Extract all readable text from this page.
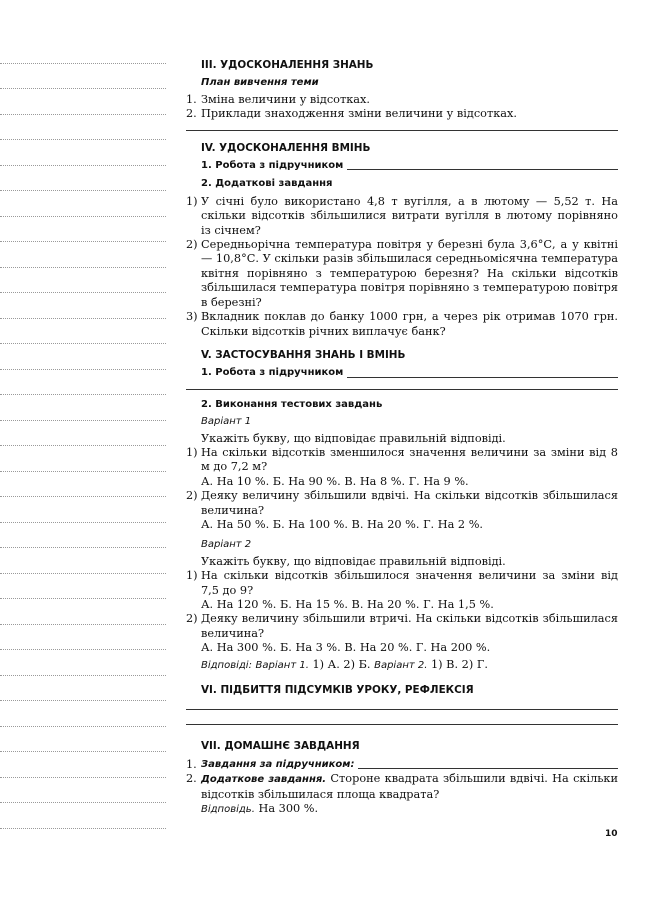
III. УДОСКОНАЛЕННЯ ЗНАНЬ
План вивчення теми
1. Зміна величини у відсотках.
2. Приклади знаходження зміни величини у відсотках.
IV. УДОСКОНАЛЕННЯ ВМІНЬ
1. Робота з підручником
2. Додаткові завдання
1) У січні було використано 4,8 т вугілля, а в лютому — 5,52 т. На скільки відсотків збільшилися витрати вугілля в лютому порівняно із січнем?
2) Середньорічна температура повітря у березні була 3,6°С, а у квітні — 10,8°С. У скільки разів збільшилася середньомісячна температура квітня порівняно з температурою березня? На скільки відсотків збільшилася температура повітря порівняно з температурою повітря в березні?
3) Вкладник поклав до банку 1000 грн, а через рік отримав 1070 грн. Скільки відсотків річних виплачує банк?
V. ЗАСТОСУВАННЯ ЗНАНЬ І ВМІНЬ
1. Робота з підручником
2. Виконання тестових завдань
Варіант 1
Укажіть букву, що відповідає правильній відповіді.
1) На скільки відсотків зменшилося значення величини за зміни від 8 м до 7,2 м?
А. На 10 %. Б. На 90 %. В. На 8 %. Г. На 9 %.
2) Деяку величину збільшили вдвічі. На скільки відсотків збільшилася величина?
А. На 50 %. Б. На 100 %. В. На 20 %. Г. На 2 %.
Варіант 2
Укажіть букву, що відповідає правильній відповіді.
1) На скільки відсотків збільшилося значення величини за зміни від 7,5 до 9?
А. На 120 %. Б. На 15 %. В. На 20 %. Г. На 1,5 %.
2) Деяку величину збільшили втричі. На скільки відсотків збільшилася величина?
А. На 300 %. Б. На 3 %. В. На 20 %. Г. На 200 %.
Відповіді: Варіант 1. 1) А. 2) Б. Варіант 2. 1) В. 2) Г.
VI. ПІДБИТТЯ ПІДСУМКІВ УРОКУ, РЕФЛЕКСІЯ
VII. ДОМАШНЄ ЗАВДАННЯ
1. Завдання за підручником:
2. Додаткове завдання. Стороне квадрата збільшили вдвічі. На скільки відсотків збільшилася площа квадрата?
Відповідь. На 300 %.
10
